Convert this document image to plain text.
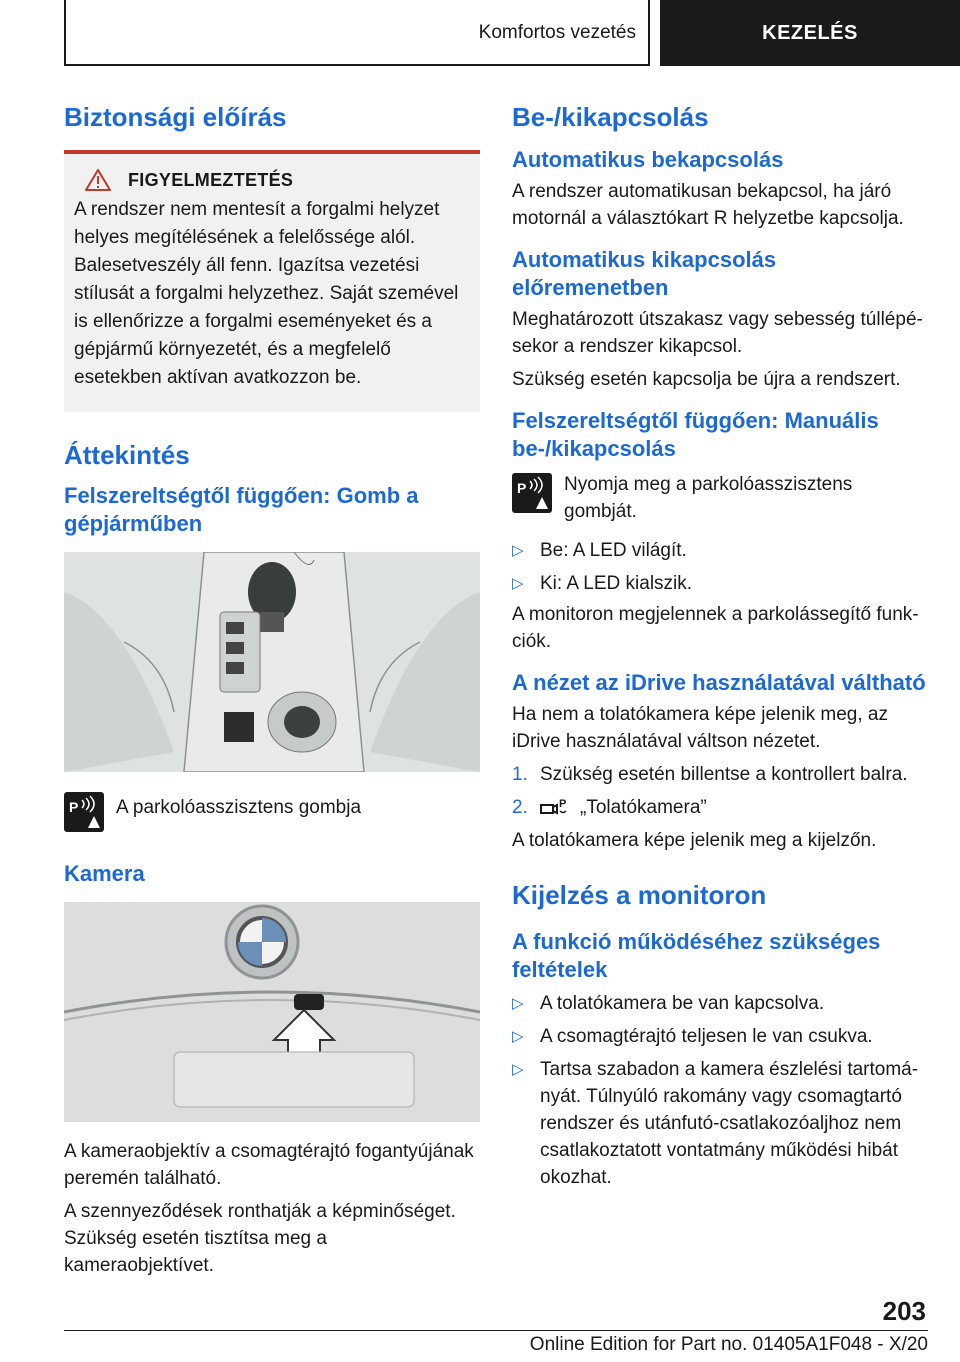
Komfortos vezetés	KEZELÉS
Biztonsági előírás
FIGYELMEZTETÉS

A rendszer nem mentesít a forgalmi helyzet helyes megítélésének a felelőssége alól. Balesetveszély áll fenn. Igazítsa vezetési stílusát a forgalmi helyzethez. Saját szemével is ellenőrizze a forgalmi eseményeket és a gépjármű környezetét, és a megfelelő esetekben aktívan avatkozzon be.

Áttekintés
Felszereltségtől függően: Gomb a gépjárműben
P A parkolóasszisztens gombja

Kamera

A kameraobjektív a csomagtérajtó fogantyújának peremén található.

A szennyeződések ronthatják a képminőséget. Szükség esetén tisztítsa meg a kameraobjektívet.

Be-/kikapcsolás
Automatikus bekapcsolás

A rendszer automatikusan bekapcsol, ha járó motornál a választókart R helyzetbe kapcsolja.

Automatikus kikapcsolás előremenetben

Meghatározott útszakasz vagy sebesség túllépésekor a rendszer kikapcsol.

Szükség esetén kapcsolja be újra a rendszert.

Felszereltségtől függően: Manuális be-/kikapcsolás
P Nyomja meg a parkolóasszisztens gombját.

▷ Be: A LED világít.
▷ Ki: A LED kialszik.

A monitoron megjelennek a parkolássegítő funkciók.

A nézet az iDrive használatával váltható

Ha nem a tolatókamera képe jelenik meg, az iDrive használatával váltson nézetet.

1. Szükség esetén billentse a kontrollert balra.
2.	P „Tolatókamera”

A tolatókamera képe jelenik meg a kijelzőn.

Kijelzés a monitoron
A funkció működéséhez szükséges feltételek
▷ A tolatókamera be van kapcsolva.
▷ A csomagtérajtó teljesen le van csukva.
▷ Tartsa szabadon a kamera észlelési tartományát. Túlnyúló rakomány vagy csomagtartó rendszer és utánfutó-csatlakozóaljhoz nem csatlakoztatott vontatmány működési hibát okozhat.
203
Online Edition for Part no. 01405A1F048 - X/20
